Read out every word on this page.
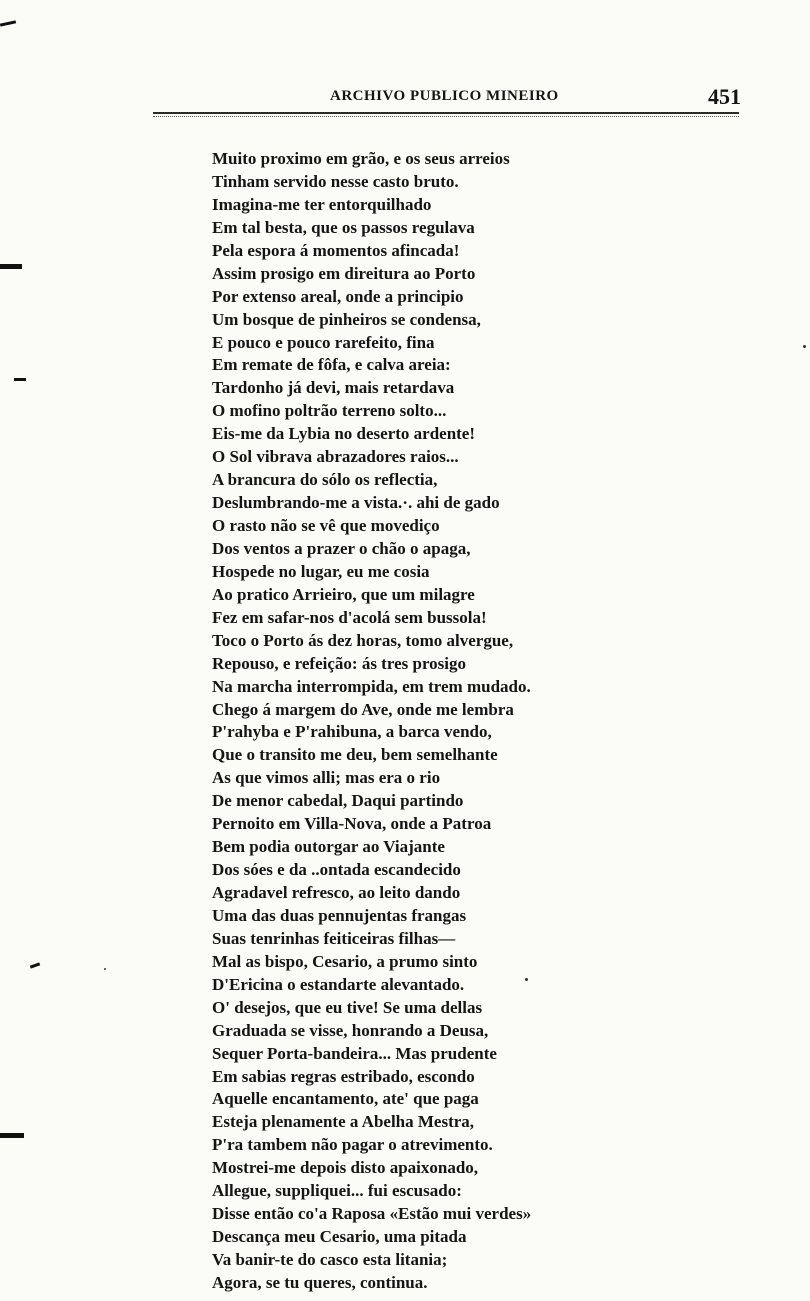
ARCHIVO PUBLICO MINEIRO	451
Muito proximo em grão, e os seus arreios
Tinham servido nesse casto bruto.
Imagina-me ter entorquilhado
Em tal besta, que os passos regulava
Pela espora á momentos afincada!
Assim prosigo em direitura ao Porto
Por extenso areal, onde a principio
Um bosque de pinheiros se condensa,
E pouco e pouco rarefeito, fina
Em remate de fôfa, e calva areia:
Tardonho já devi, mais retardava
O mofino poltrão terreno solto...
Eis-me da Lybia no deserto ardente!
O Sol vibrava abrazadores raios...
A brancura do sólo os reflectia,
Deslumbrando-me a vista.·. ahi de gado
O rasto não se vê que movediço
Dos ventos a prazer o chão o apaga,
Hospede no lugar, eu me cosia
Ao pratico Arrieiro, que um milagre
Fez em safar-nos d'acolá sem bussola!
Toco o Porto ás dez horas, tomo alvergue,
Repouso, e refeição: ás tres prosigo
Na marcha interrompida, em trem mudado.
Chego á margem do Ave, onde me lembra
P'rahyba e P'rahibuna, a barca vendo,
Que o transito me deu, bem semelhante
As que vimos alli; mas era o rio
De menor cabedal, Daqui partindo
Pernoito em Villa-Nova, onde a Patroa
Bem podia outorgar ao Viajante
Dos sóes e da ..ontada escandecido
Agradavel refresco, ao leito dando
Uma das duas pennujentas frangas
Suas tenrinhas feiticeiras filhas—
Mal as bispo, Cesario, a prumo sinto
D'Ericina o estandarte alevantado.
O' desejos, que eu tive! Se uma dellas
Graduada se visse, honrando a Deusa,
Sequer Porta-bandeira... Mas prudente
Em sabias regras estribado, escondo
Aquelle encantamento, ate' que paga
Esteja plenamente a Abelha Mestra,
P'ra tambem não pagar o atrevimento.
Mostrei-me depois disto apaixonado,
Allegue, suppliquei... fui escusado:
Disse então co'a Raposa «Estão mui verdes»
Descança meu Cesario, uma pitada
Va banir-te do casco esta litania;
Agora, se tu queres, continua.
